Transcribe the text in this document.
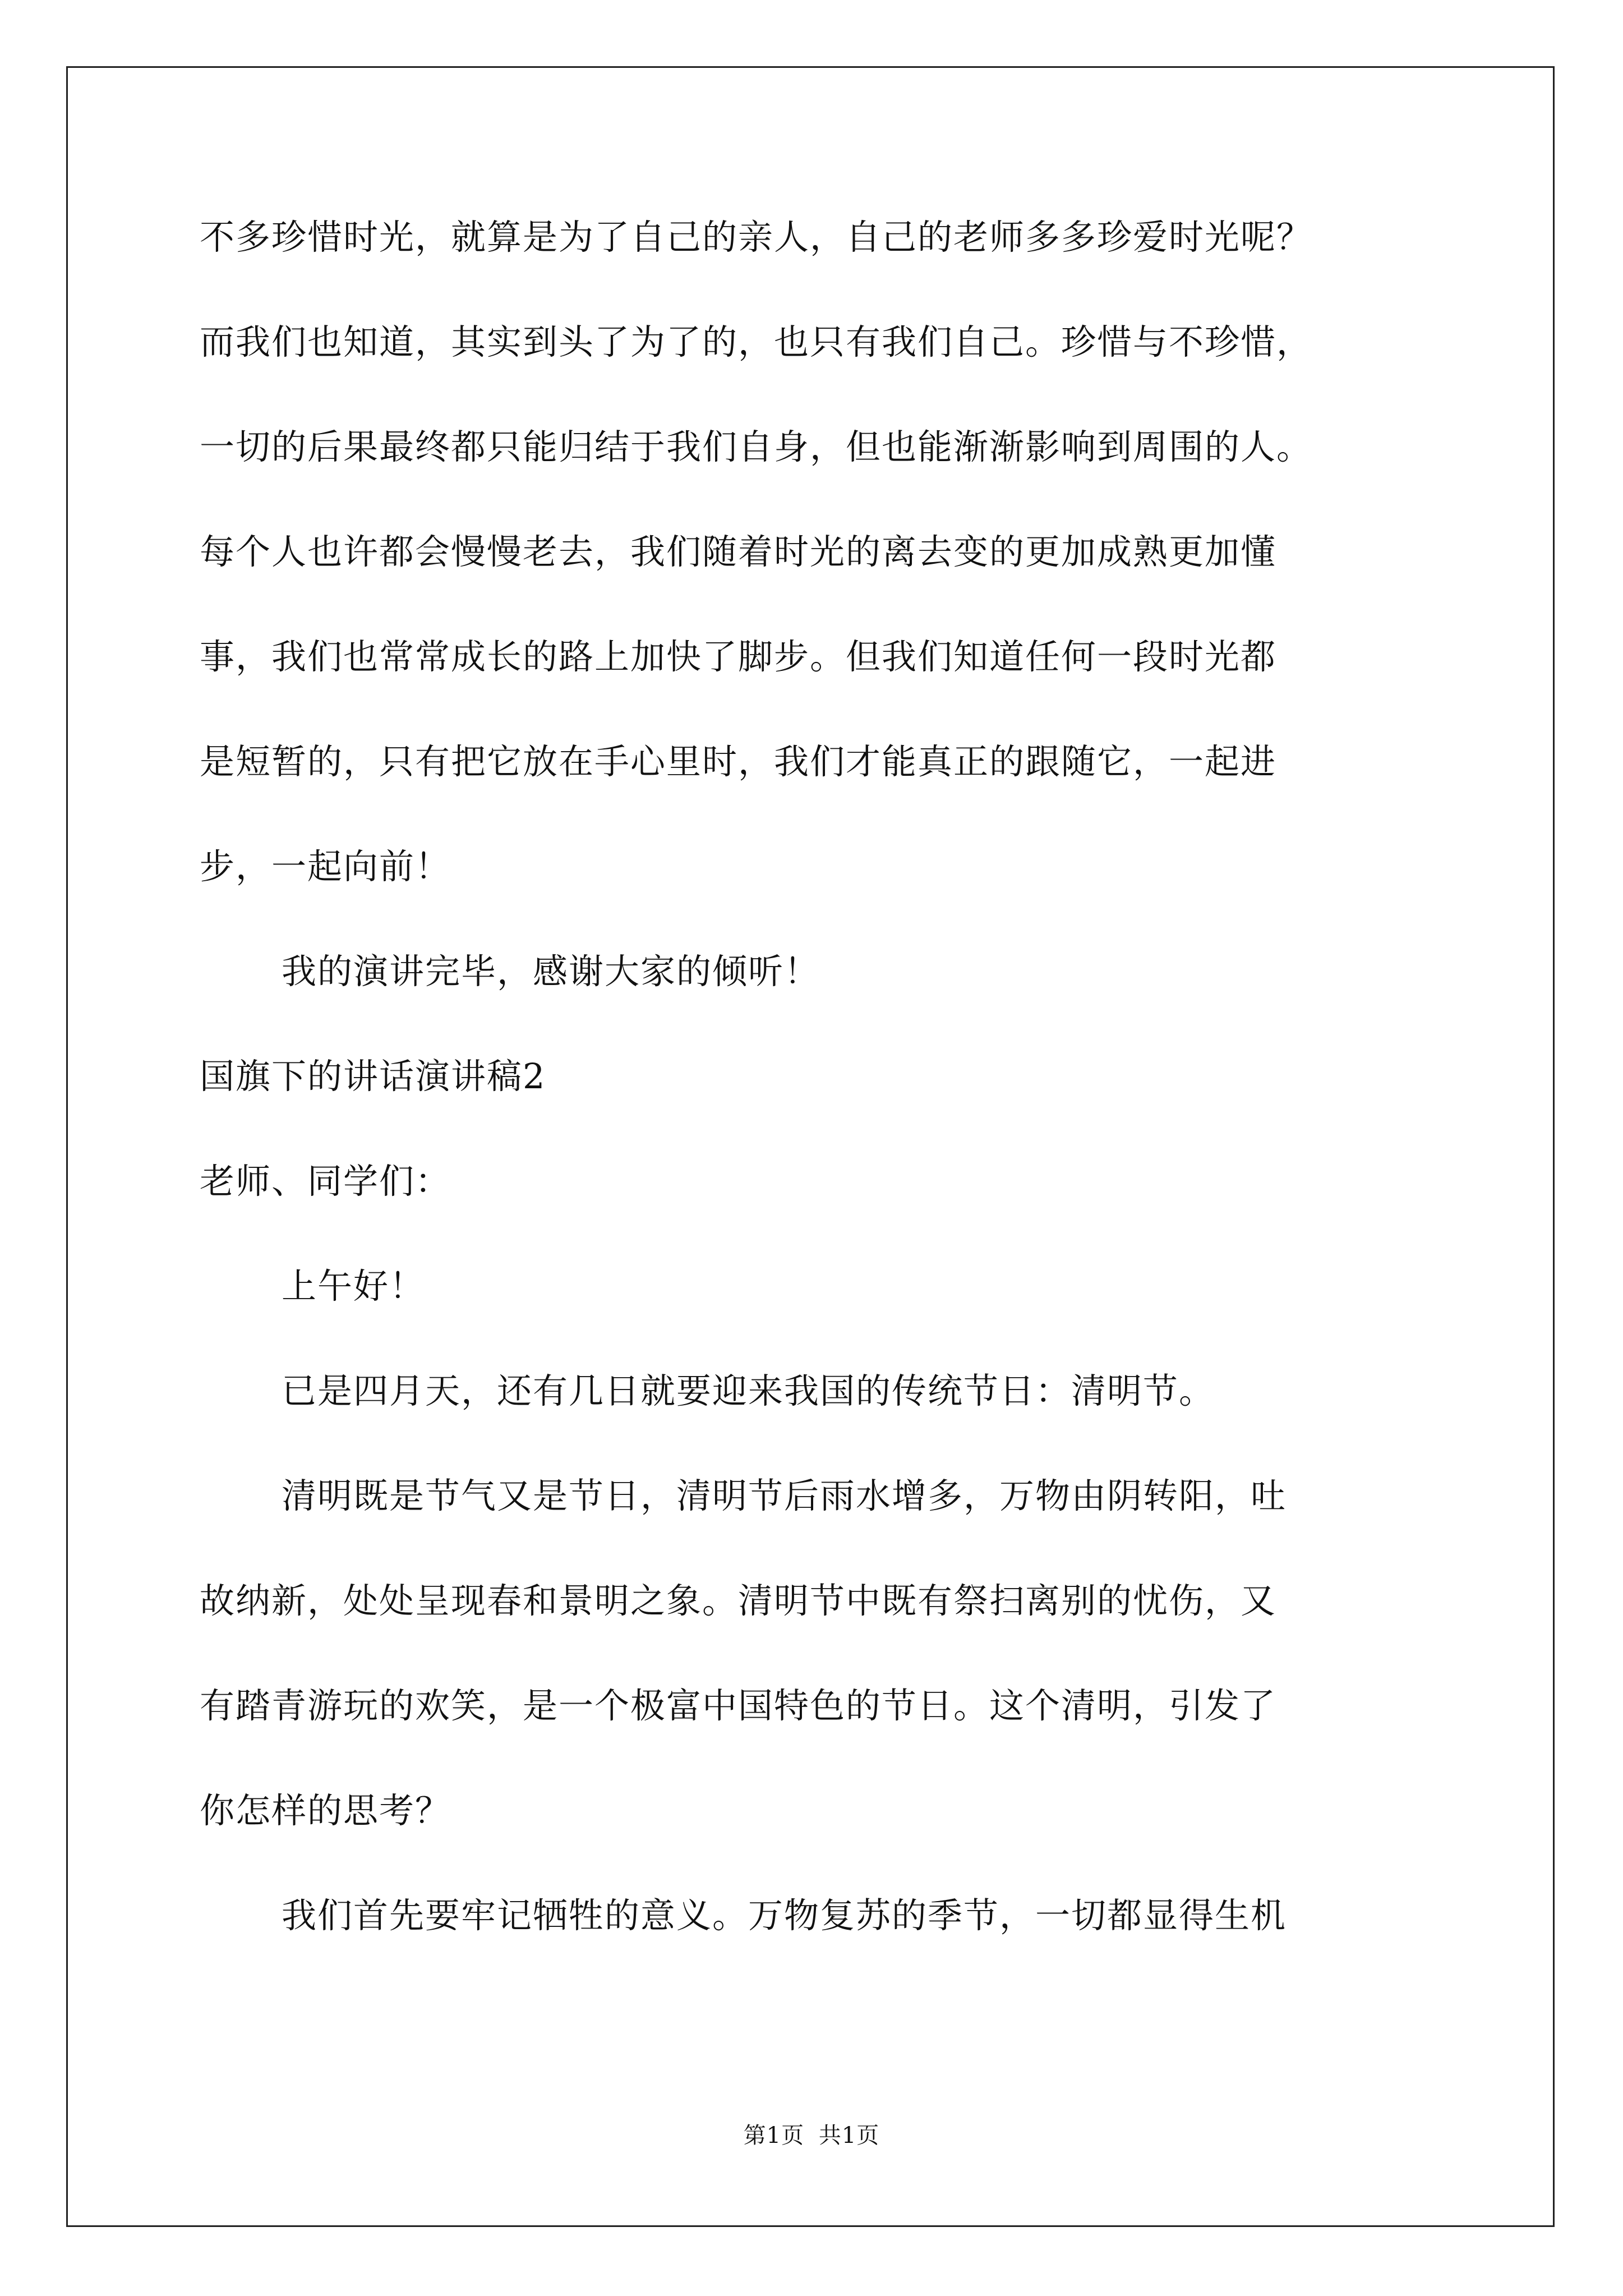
不多珍惜时光，就算是为了自己的亲人，自己的老师多多珍爱时光呢？
而我们也知道，其实到头了为了的，也只有我们自己。珍惜与不珍惜，
一切的后果最终都只能归结于我们自身，但也能渐渐影响到周围的人。
每个人也许都会慢慢老去，我们随着时光的离去变的更加成熟更加懂
事，我们也常常成长的路上加快了脚步。但我们知道任何一段时光都
是短暂的，只有把它放在手心里时，我们才能真正的跟随它，一起进
步，一起向前！
我的演讲完毕，感谢大家的倾听！
国旗下的讲话演讲稿2
老师、同学们：
上午好！
已是四月天，还有几日就要迎来我国的传统节日：清明节。
清明既是节气又是节日，清明节后雨水增多，万物由阴转阳，吐
故纳新，处处呈现春和景明之象。清明节中既有祭扫离别的忧伤，又
有踏青游玩的欢笑，是一个极富中国特色的节日。这个清明，引发了
你怎样的思考？
我们首先要牢记牺牲的意义。万物复苏的季节，一切都显得生机
第1页 共1页
